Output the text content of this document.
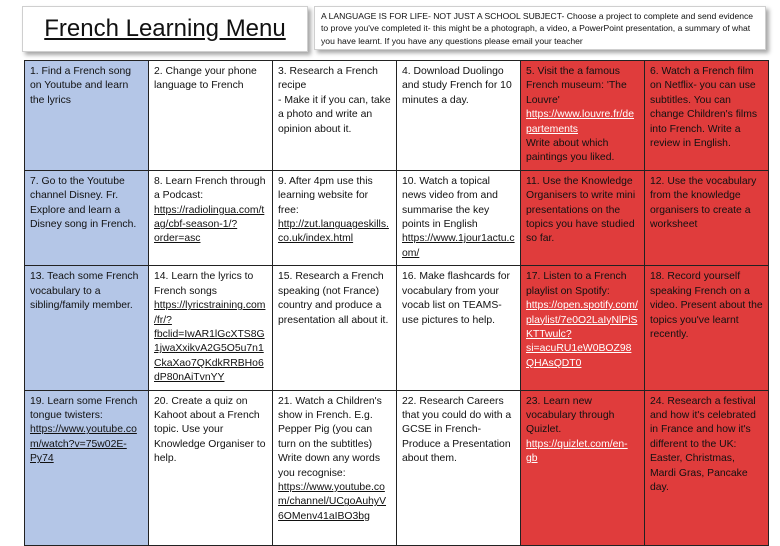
French Learning Menu	A LANGUAGE IS FOR LIFE- NOT JUST A SCHOOL SUBJECT- Choose a project to complete and send evidence to prove you've completed it- this might be a photograph, a video, a PowerPoint presentation, a summary of what you have learnt. If you have any questions please email your teacher
1. Find a French song on Youtube and learn the lyrics	2. Change your phone language to French	3. Research a French recipe
- Make it if you can, take a photo and write an opinion about it.	4. Download Duolingo and study French for 10 minutes a day.	5. Visit the a famous French museum: 'The Louvre'
https://www.louvre.fr/departements
Write about which paintings you liked.	6. Watch a French film on Netflix- you can use subtitles. You can change Children's films into French. Write a review in English.

7. Go to the Youtube channel Disney. Fr. Explore and learn a Disney song in French.	8. Learn French through a Podcast:
https://radiolingua.com/tag/cbf-season-1/?order=asc	9. After 4pm use this learning website for free:
http://zut.languageskills.co.uk/index.html	10. Watch a topical news video from and summarise the key points in English
https://www.1jour1actu.com/	11. Use the Knowledge Organisers to write mini presentations on the topics you have studied so far.	12. Use the vocabulary from the knowledge organisers to create a worksheet

13. Teach some French vocabulary to a sibling/family member.	14. Learn the lyrics to French songs
https://lyricstraining.com/fr/?fbclid=IwAR1lGcXTS8G1jwaXxikvA2G5O5u7n1CkaXao7QKdkRRBHo6dP80nAiTvnYY	15. Research a French speaking (not France) country and produce a presentation all about it.	16. Make flashcards for vocabulary from your vocab list on TEAMS- use pictures to help.	17. Listen to a French playlist on Spotify:
https://open.spotify.com/playlist/7e0O2LaIyNlPiSKTTwulc?si=acuRU1eW0BOZ98QHAsQDT0	18. Record yourself speaking French on a video. Present about the topics you've learnt recently.

19. Learn some French tongue twisters:
https://www.youtube.com/watch?v=75w02E-Py74	20. Create a quiz on Kahoot about a French topic. Use your Knowledge Organiser to help.	21. Watch a Children's show in French. E.g. Pepper Pig (you can turn on the subtitles) Write down any words you recognise:
https://www.youtube.com/channel/UCgoAuhyV6OMenv41aIBO3bg	22. Research Careers that you could do with a GCSE in French- Produce a Presentation about them.	23. Learn new vocabulary through Quizlet.
https://quizlet.com/en-gb	24. Research a festival and how it's celebrated in France and how it's different to the UK: Easter, Christmas, Mardi Gras, Pancake day.
